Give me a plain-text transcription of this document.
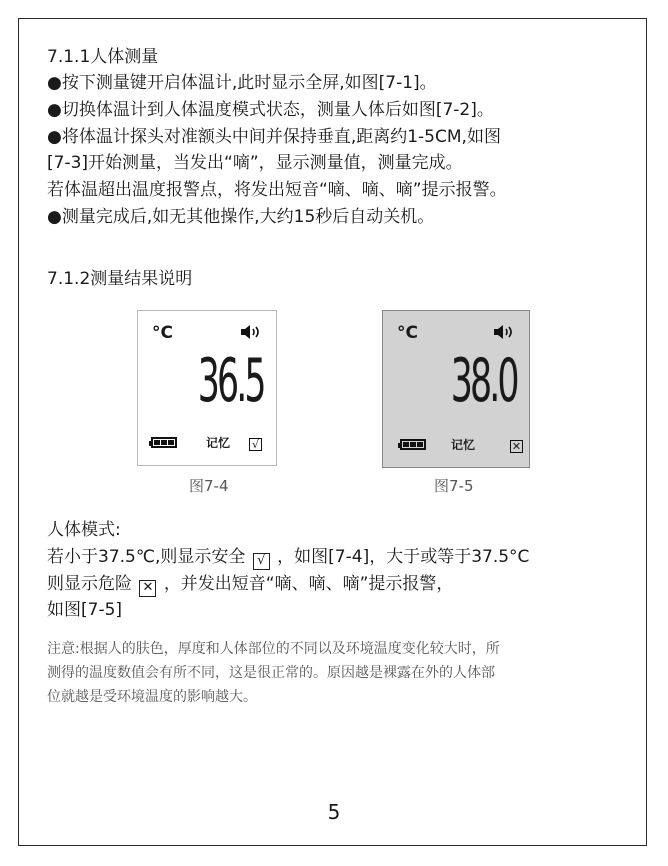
7.1.1人体测量
●按下测量键开启体温计,此时显示全屏,如图[7-1]。
●切换体温计到人体温度模式状态，测量人体后如图[7-2]。
●将体温计探头对准额头中间并保持垂直,距离约1-5CM,如图
[7-3]开始测量，当发出“嘀”，显示测量值，测量完成。
若体温超出温度报警点，将发出短音“嘀、嘀、嘀”提示报警。
●测量完成后,如无其他操作,大约15秒后自动关机。
7.1.2测量结果说明
°C
36.5
记忆 √
图7-4
°C
38.0
记忆	✕
图7-5
人体模式:
若小于37.5℃,则显示安全 √ ，如图[7-4]，大于或等于37.5°C
则显示危险 ✕ ，并发出短音“嘀、嘀、嘀”提示报警，
如图[7-5]
注意:根据人的肤色，厚度和人体部位的不同以及环境温度变化较大时，所
测得的温度数值会有所不同，这是很正常的。原因越是裸露在外的人体部
位就越是受环境温度的影响越大。
5
